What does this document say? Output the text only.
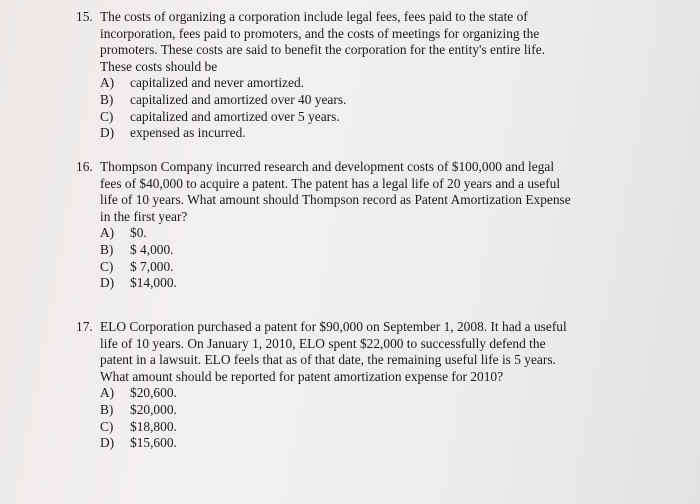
15. The costs of organizing a corporation include legal fees, fees paid to the state of
incorporation, fees paid to promoters, and the costs of meetings for organizing the
promoters. These costs are said to benefit the corporation for the entity's entire life.
These costs should be

A)	capitalized and never amortized.
B)	capitalized and amortized over 40 years.
C)	capitalized and amortized over 5 years.
D)	expensed as incurred.
16. Thompson Company incurred research and development costs of $100,000 and legal
fees of $40,000 to acquire a patent. The patent has a legal life of 20 years and a useful
life of 10 years. What amount should Thompson record as Patent Amortization Expense
in the first year?

A)	$0.
B)	$ 4,000.
C)	$ 7,000.
D)	$14,000.
17. ELO Corporation purchased a patent for $90,000 on September 1, 2008. It had a useful
life of 10 years. On January 1, 2010, ELO spent $22,000 to successfully defend the
patent in a lawsuit. ELO feels that as of that date, the remaining useful life is 5 years.
What amount should be reported for patent amortization expense for 2010?

A)	$20,600.
B)	$20,000.
C)	$18,800.
D)	$15,600.
